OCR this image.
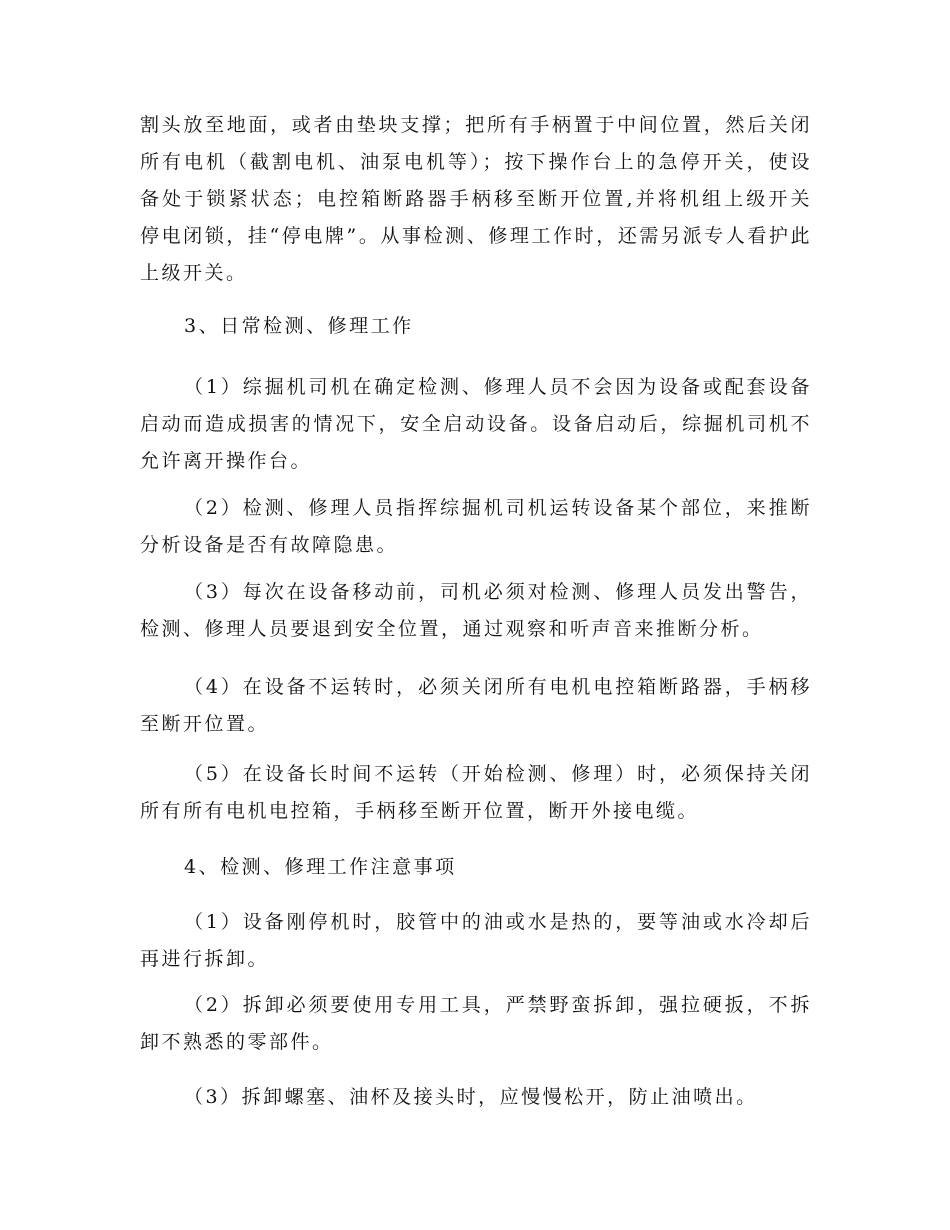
割头放至地面，或者由垫块支撑；把所有手柄置于中间位置，然后关闭所有电机（截割电机、油泵电机等）；按下操作台上的急停开关，使设备处于锁紧状态；电控箱断路器手柄移至断开位置,并将机组上级开关停电闭锁，挂“停电牌”。从事检测、修理工作时，还需另派专人看护此上级开关。

3、日常检测、修理工作

（1）综掘机司机在确定检测、修理人员不会因为设备或配套设备启动而造成损害的情况下，安全启动设备。设备启动后，综掘机司机不允许离开操作台。

（2）检测、修理人员指挥综掘机司机运转设备某个部位，来推断分析设备是否有故障隐患。

（3）每次在设备移动前，司机必须对检测、修理人员发出警告，检测、修理人员要退到安全位置，通过观察和听声音来推断分析。

（4）在设备不运转时，必须关闭所有电机电控箱断路器，手柄移至断开位置。

（5）在设备长时间不运转（开始检测、修理）时，必须保持关闭所有所有电机电控箱，手柄移至断开位置，断开外接电缆。

4、检测、修理工作注意事项

（1）设备刚停机时，胶管中的油或水是热的，要等油或水冷却后再进行拆卸。

（2）拆卸必须要使用专用工具，严禁野蛮拆卸，强拉硬扳，不拆卸不熟悉的零部件。

（3）拆卸螺塞、油杯及接头时，应慢慢松开，防止油喷出。
